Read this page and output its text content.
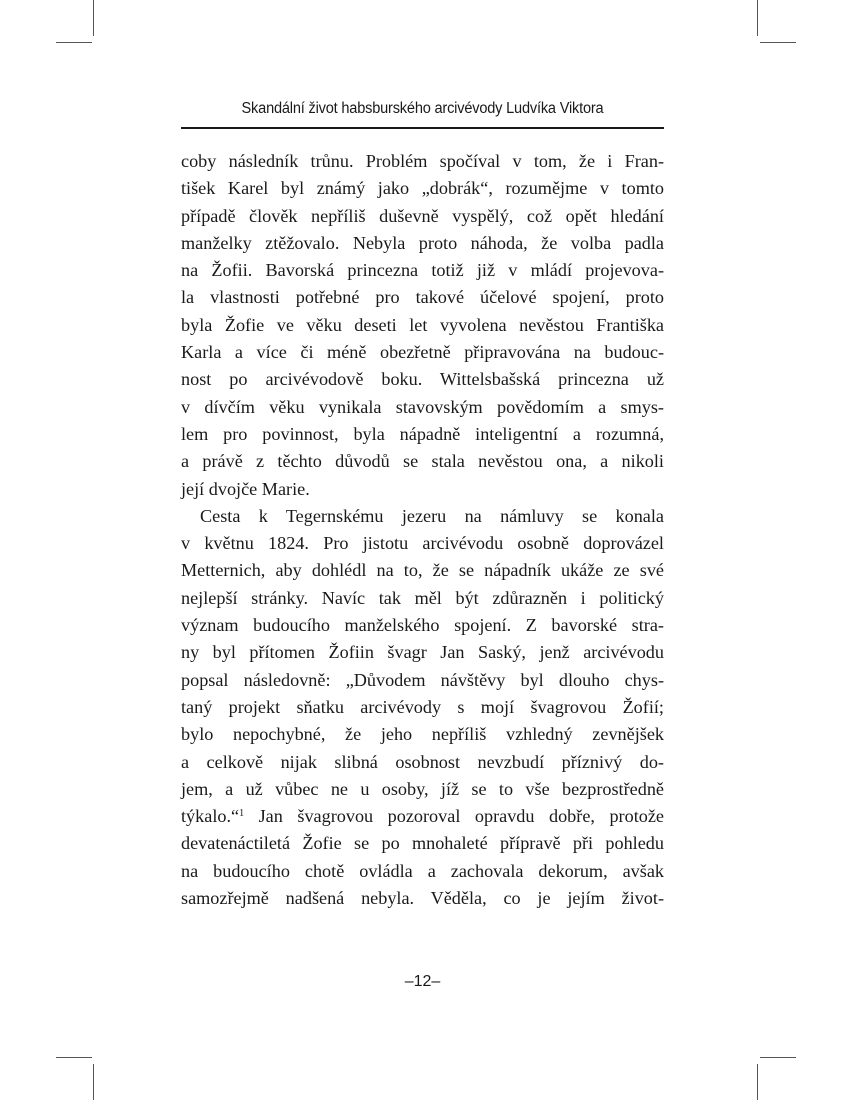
Skandální život habsburského arcivévody Ludvíka Viktora
coby následník trůnu. Problém spočíval v tom, že i Fran-
tišek Karel byl známý jako „dobrák“, rozumějme v tomto
případě člověk nepříliš duševně vyspělý, což opět hledání
manželky ztěžovalo. Nebyla proto náhoda, že volba padla
na Žofii. Bavorská princezna totiž již v mládí projevova-
la vlastnosti potřebné pro takové účelové spojení, proto
byla Žofie ve věku deseti let vyvolena nevěstou Františka
Karla a více či méně obezřetně připravována na budouc-
nost po arcivévodově boku. Wittelsbašská princezna už
v dívčím věku vynikala stavovským povědomím a smys-
lem pro povinnost, byla nápadně inteligentní a rozumná,
a právě z těchto důvodů se stala nevěstou ona, a nikoli
její dvojče Marie.
Cesta k Tegernskému jezeru na námluvy se konala
v květnu 1824. Pro jistotu arcivévodu osobně doprovázel
Metternich, aby dohlédl na to, že se nápadník ukáže ze své
nejlepší stránky. Navíc tak měl být zdůrazněn i politický
význam budoucího manželského spojení. Z bavorské stra-
ny byl přítomen Žofiin švagr Jan Saský, jenž arcivévodu
popsal následovně: „Důvodem návštěvy byl dlouho chys-
taný projekt sňatku arcivévody s mojí švagrovou Žofií;
bylo nepochybné, že jeho nepříliš vzhledný zevnějšek
a celkově nijak slibná osobnost nevzbudí příznivý do-
jem, a už vůbec ne u osoby, jíž se to vše bezprostředně
týkalo.“$^1$ Jan švagrovou pozoroval opravdu dobře, protože
devatenáctiletá Žofie se po mnohaleté přípravě při pohledu
na budoucího chotě ovládla a zachovala dekorum, avšak
samozřejmě nadšená nebyla. Věděla, co je jejím život-
–12–
